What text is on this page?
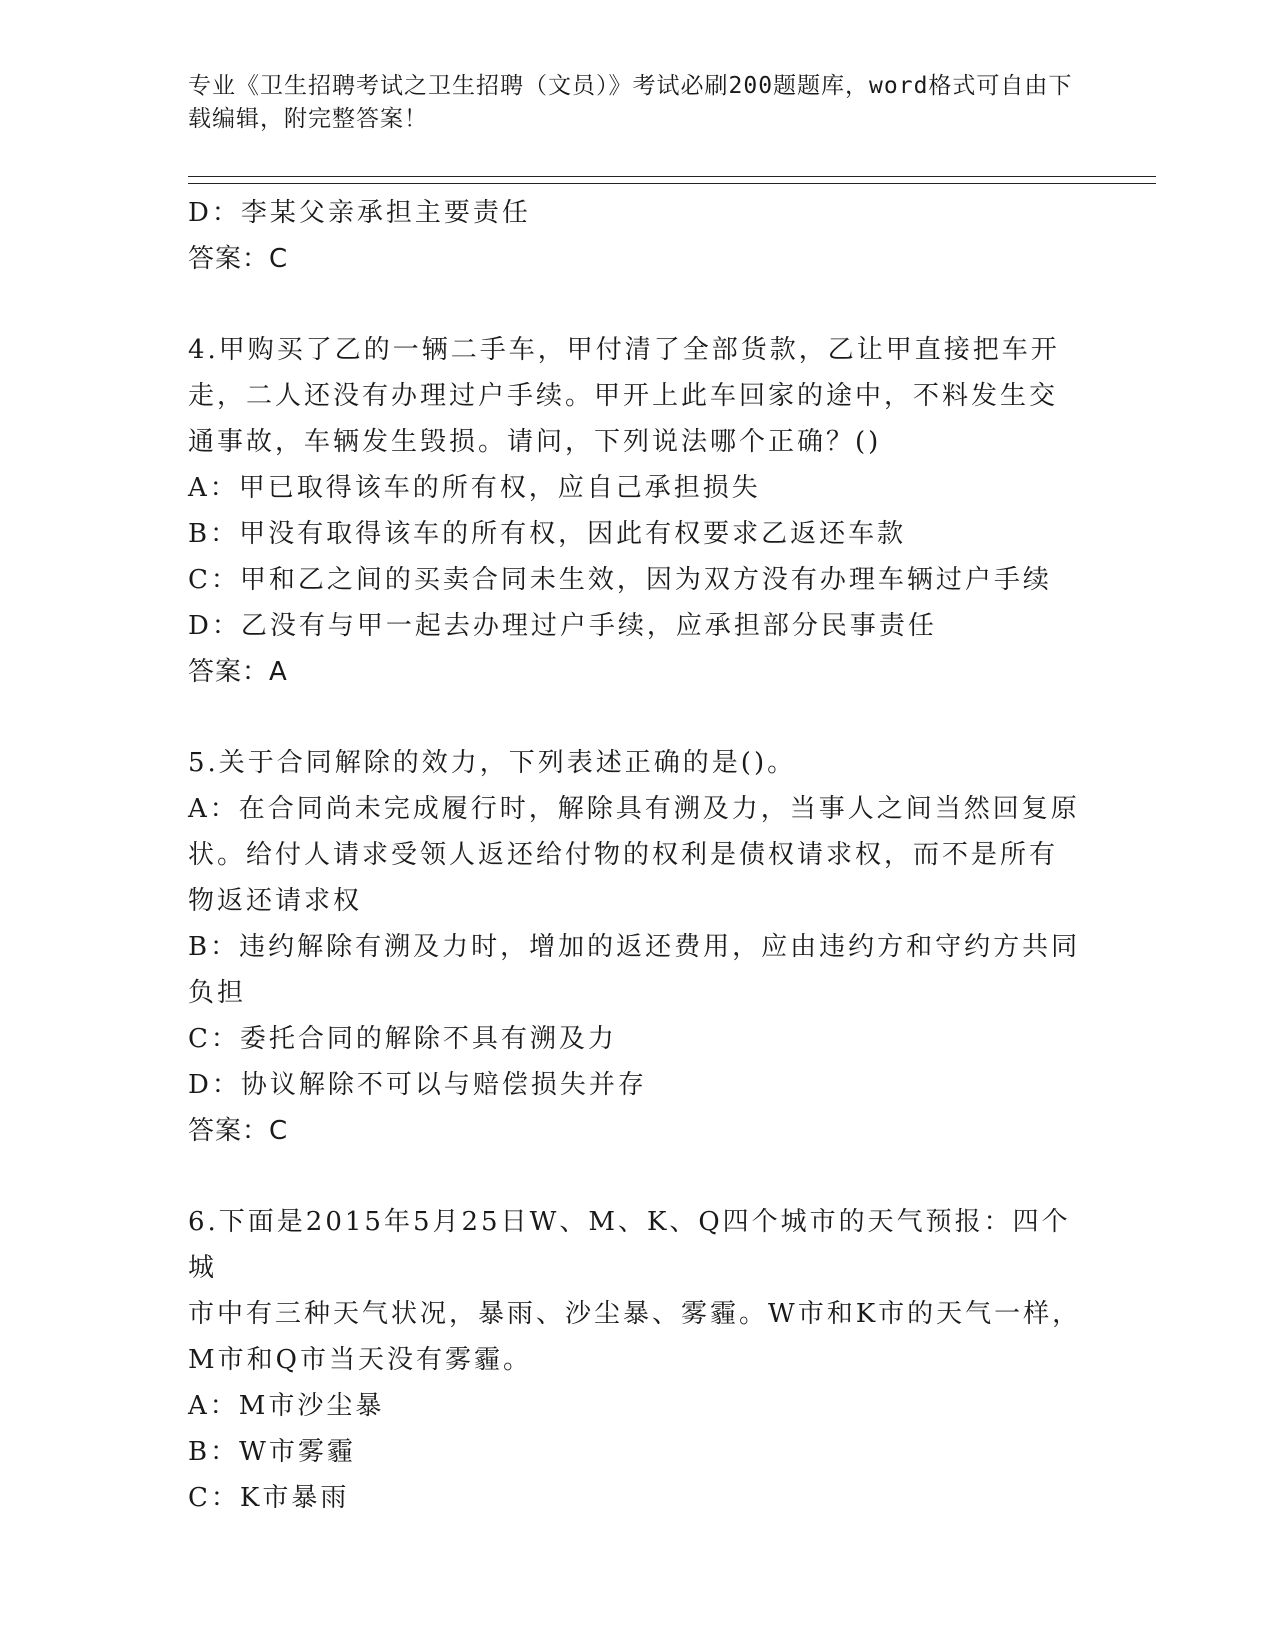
专业《卫生招聘考试之卫生招聘（文员）》考试必刷200题题库，word格式可自由下载编辑，附完整答案！
D：李某父亲承担主要责任
答案：C
4.甲购买了乙的一辆二手车，甲付清了全部货款，乙让甲直接把车开
走，二人还没有办理过户手续。甲开上此车回家的途中，不料发生交
通事故，车辆发生毁损。请问，下列说法哪个正确？()
A：甲已取得该车的所有权，应自己承担损失
B：甲没有取得该车的所有权，因此有权要求乙返还车款
C：甲和乙之间的买卖合同未生效，因为双方没有办理车辆过户手续
D：乙没有与甲一起去办理过户手续，应承担部分民事责任
答案：A
5.关于合同解除的效力，下列表述正确的是()。
A：在合同尚未完成履行时，解除具有溯及力，当事人之间当然回复原
状。给付人请求受领人返还给付物的权利是债权请求权，而不是所有
物返还请求权
B：违约解除有溯及力时，增加的返还费用，应由违约方和守约方共同
负担
C：委托合同的解除不具有溯及力
D：协议解除不可以与赔偿损失并存
答案：C
6.下面是2015年5月25日W、M、K、Q四个城市的天气预报：四个城
市中有三种天气状况，暴雨、沙尘暴、雾霾。W市和K市的天气一样，
M市和Q市当天没有雾霾。
A：M市沙尘暴
B：W市雾霾
C：K市暴雨
